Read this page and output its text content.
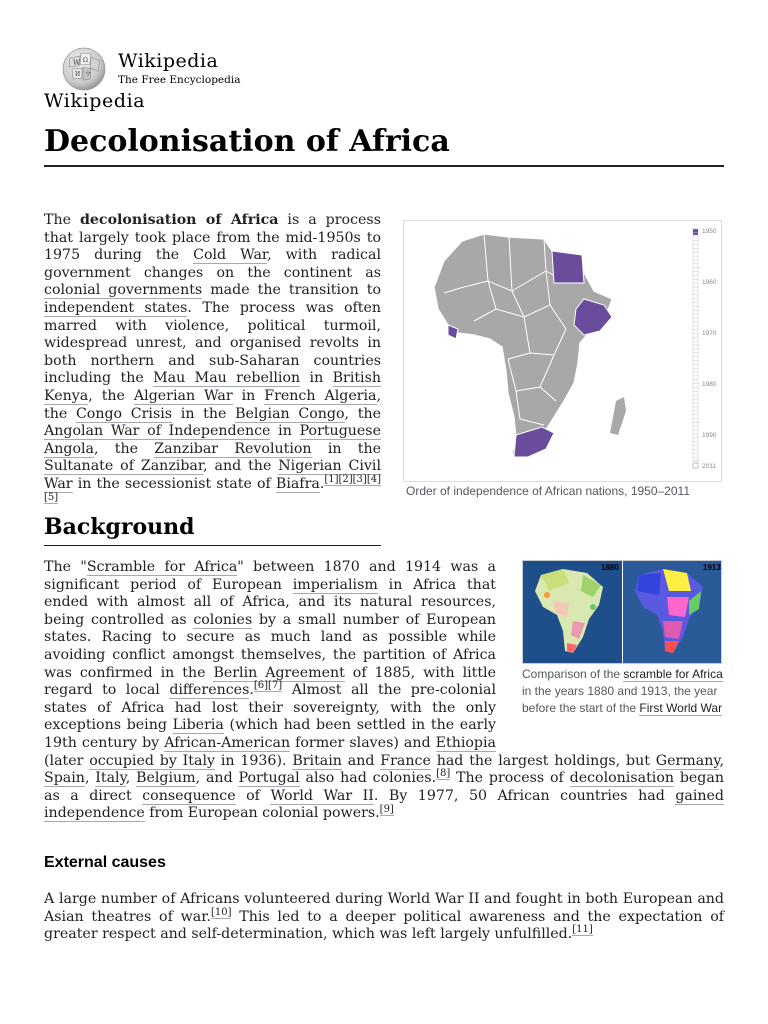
W Ω
И ウ
Wikipedia
The Free Encyclopedia
Wikipedia
Decolonisation of Africa

The decolonisation of Africa is a process that largely took place from the mid-1950s to 1975 during the Cold War, with radical government changes on the continent as colonial governments made the transition to independent states. The process was often marred with violence, political turmoil, widespread unrest, and organised revolts in both northern and sub-Saharan countries including the Mau Mau rebellion in British Kenya, the Algerian War in French Algeria, the Congo Crisis in the Belgian Congo, the Angolan War of Independence in Portuguese Angola, the Zanzibar Revolution in the Sultanate of Zanzibar, and the Nigerian Civil War in the secessionist state of Biafra.[1][2][3][4][5]

1950
1960
1970
1980
1990
2011
Order of independence of African nations, 1950–2011
Background

The "Scramble for Africa" between 1870 and 1914 was a significant period of European imperialism in Africa that ended with almost all of Africa, and its natural resources, being controlled as colonies by a small number of European states. Racing to secure as much land as possible while avoiding conflict amongst themselves, the partition of Africa was confirmed in the Berlin Agreement of 1885, with little regard to local differences.[6][7] Almost all the pre-colonial states of Africa had lost their sovereignty, with the only exceptions being Liberia (which had been settled in the early 19th century by African-American former slaves) and Ethiopia (later occupied by Italy in 1936). Britain and France had the largest holdings, but Germany, Spain, Italy, Belgium, and Portugal also had colonies.[8] The process of decolonisation began as a direct consequence of World War II. By 1977, 50 African countries had gained independence from European colonial powers.[9]

1880	1913
Comparison of the scramble for Africa in the years 1880 and 1913, the year before the start of the First World War
External causes

A large number of Africans volunteered during World War II and fought in both European and Asian theatres of war.[10] This led to a deeper political awareness and the expectation of greater respect and self-determination, which was left largely unfulfilled.[11]
